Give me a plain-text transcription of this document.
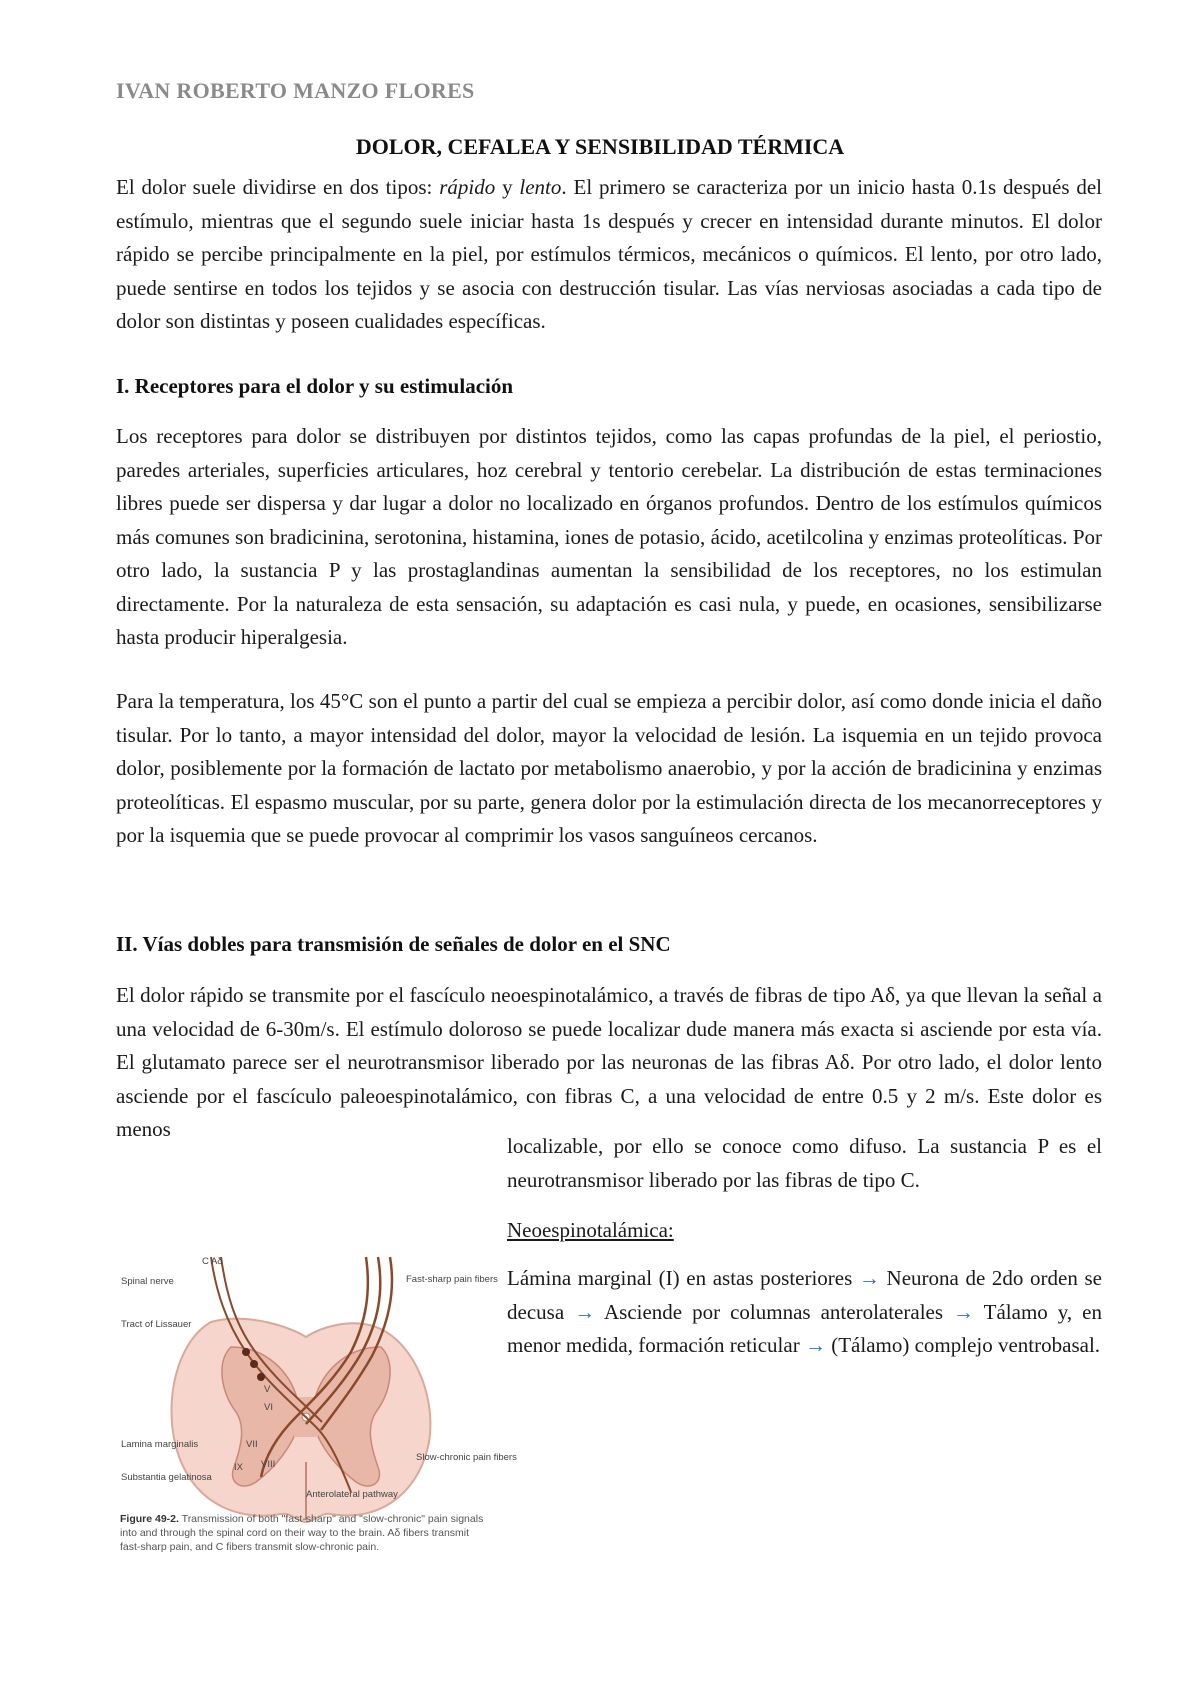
IVAN ROBERTO MANZO FLORES
DOLOR, CEFALEA Y SENSIBILIDAD TÉRMICA

El dolor suele dividirse en dos tipos: rápido y lento. El primero se caracteriza por un inicio hasta 0.1s después del estímulo, mientras que el segundo suele iniciar hasta 1s después y crecer en intensidad durante minutos. El dolor rápido se percibe principalmente en la piel, por estímulos térmicos, mecánicos o químicos. El lento, por otro lado, puede sentirse en todos los tejidos y se asocia con destrucción tisular. Las vías nerviosas asociadas a cada tipo de dolor son distintas y poseen cualidades específicas.

I. Receptores para el dolor y su estimulación

Los receptores para dolor se distribuyen por distintos tejidos, como las capas profundas de la piel, el periostio, paredes arteriales, superficies articulares, hoz cerebral y tentorio cerebelar. La distribución de estas terminaciones libres puede ser dispersa y dar lugar a dolor no localizado en órganos profundos. Dentro de los estímulos químicos más comunes son bradicinina, serotonina, histamina, iones de potasio, ácido, acetilcolina y enzimas proteolíticas. Por otro lado, la sustancia P y las prostaglandinas aumentan la sensibilidad de los receptores, no los estimulan directamente. Por la naturaleza de esta sensación, su adaptación es casi nula, y puede, en ocasiones, sensibilizarse hasta producir hiperalgesia.

Para la temperatura, los 45°C son el punto a partir del cual se empieza a percibir dolor, así como donde inicia el daño tisular. Por lo tanto, a mayor intensidad del dolor, mayor la velocidad de lesión. La isquemia en un tejido provoca dolor, posiblemente por la formación de lactato por metabolismo anaerobio, y por la acción de bradicinina y enzimas proteolíticas. El espasmo muscular, por su parte, genera dolor por la estimulación directa de los mecanorreceptores y por la isquemia que se puede provocar al comprimir los vasos sanguíneos cercanos.

II. Vías dobles para transmisión de señales de dolor en el SNC

El dolor rápido se transmite por el fascículo neoespinotalámico, a través de fibras de tipo Aδ, ya que llevan la señal a una velocidad de 6-30m/s. El estímulo doloroso se puede localizar dude manera más exacta si asciende por esta vía. El glutamato parece ser el neurotransmisor liberado por las neuronas de las fibras Aδ. Por otro lado, el dolor lento asciende por el fascículo paleoespinotalámico, con fibras C, a una velocidad de entre 0.5 y 2 m/s. Este dolor es menos

localizable, por ello se conoce como difuso. La sustancia P es el neurotransmisor liberado por las fibras de tipo C.

Neoespinotalámica:

Lámina marginal (I) en astas posteriores → Neurona de 2do orden se decusa → Asciende por columnas anterolaterales → Tálamo y, en menor medida, formación reticular → (Tálamo) complejo ventrobasal.

C Aδ
Spinal nerve	Fast-sharp pain fibers
Tract of Lissauer
Lamina marginalis
Substantia gelatinosa
Anterolateral pathway
Slow-chronic pain fibers
V
VI
VII
VIII
IX
Figure 49-2. Transmission of both "fast-sharp" and "slow-chronic" pain signals into and through the spinal cord on their way to the brain. Aδ fibers transmit fast-sharp pain, and C fibers transmit slow-chronic pain.
